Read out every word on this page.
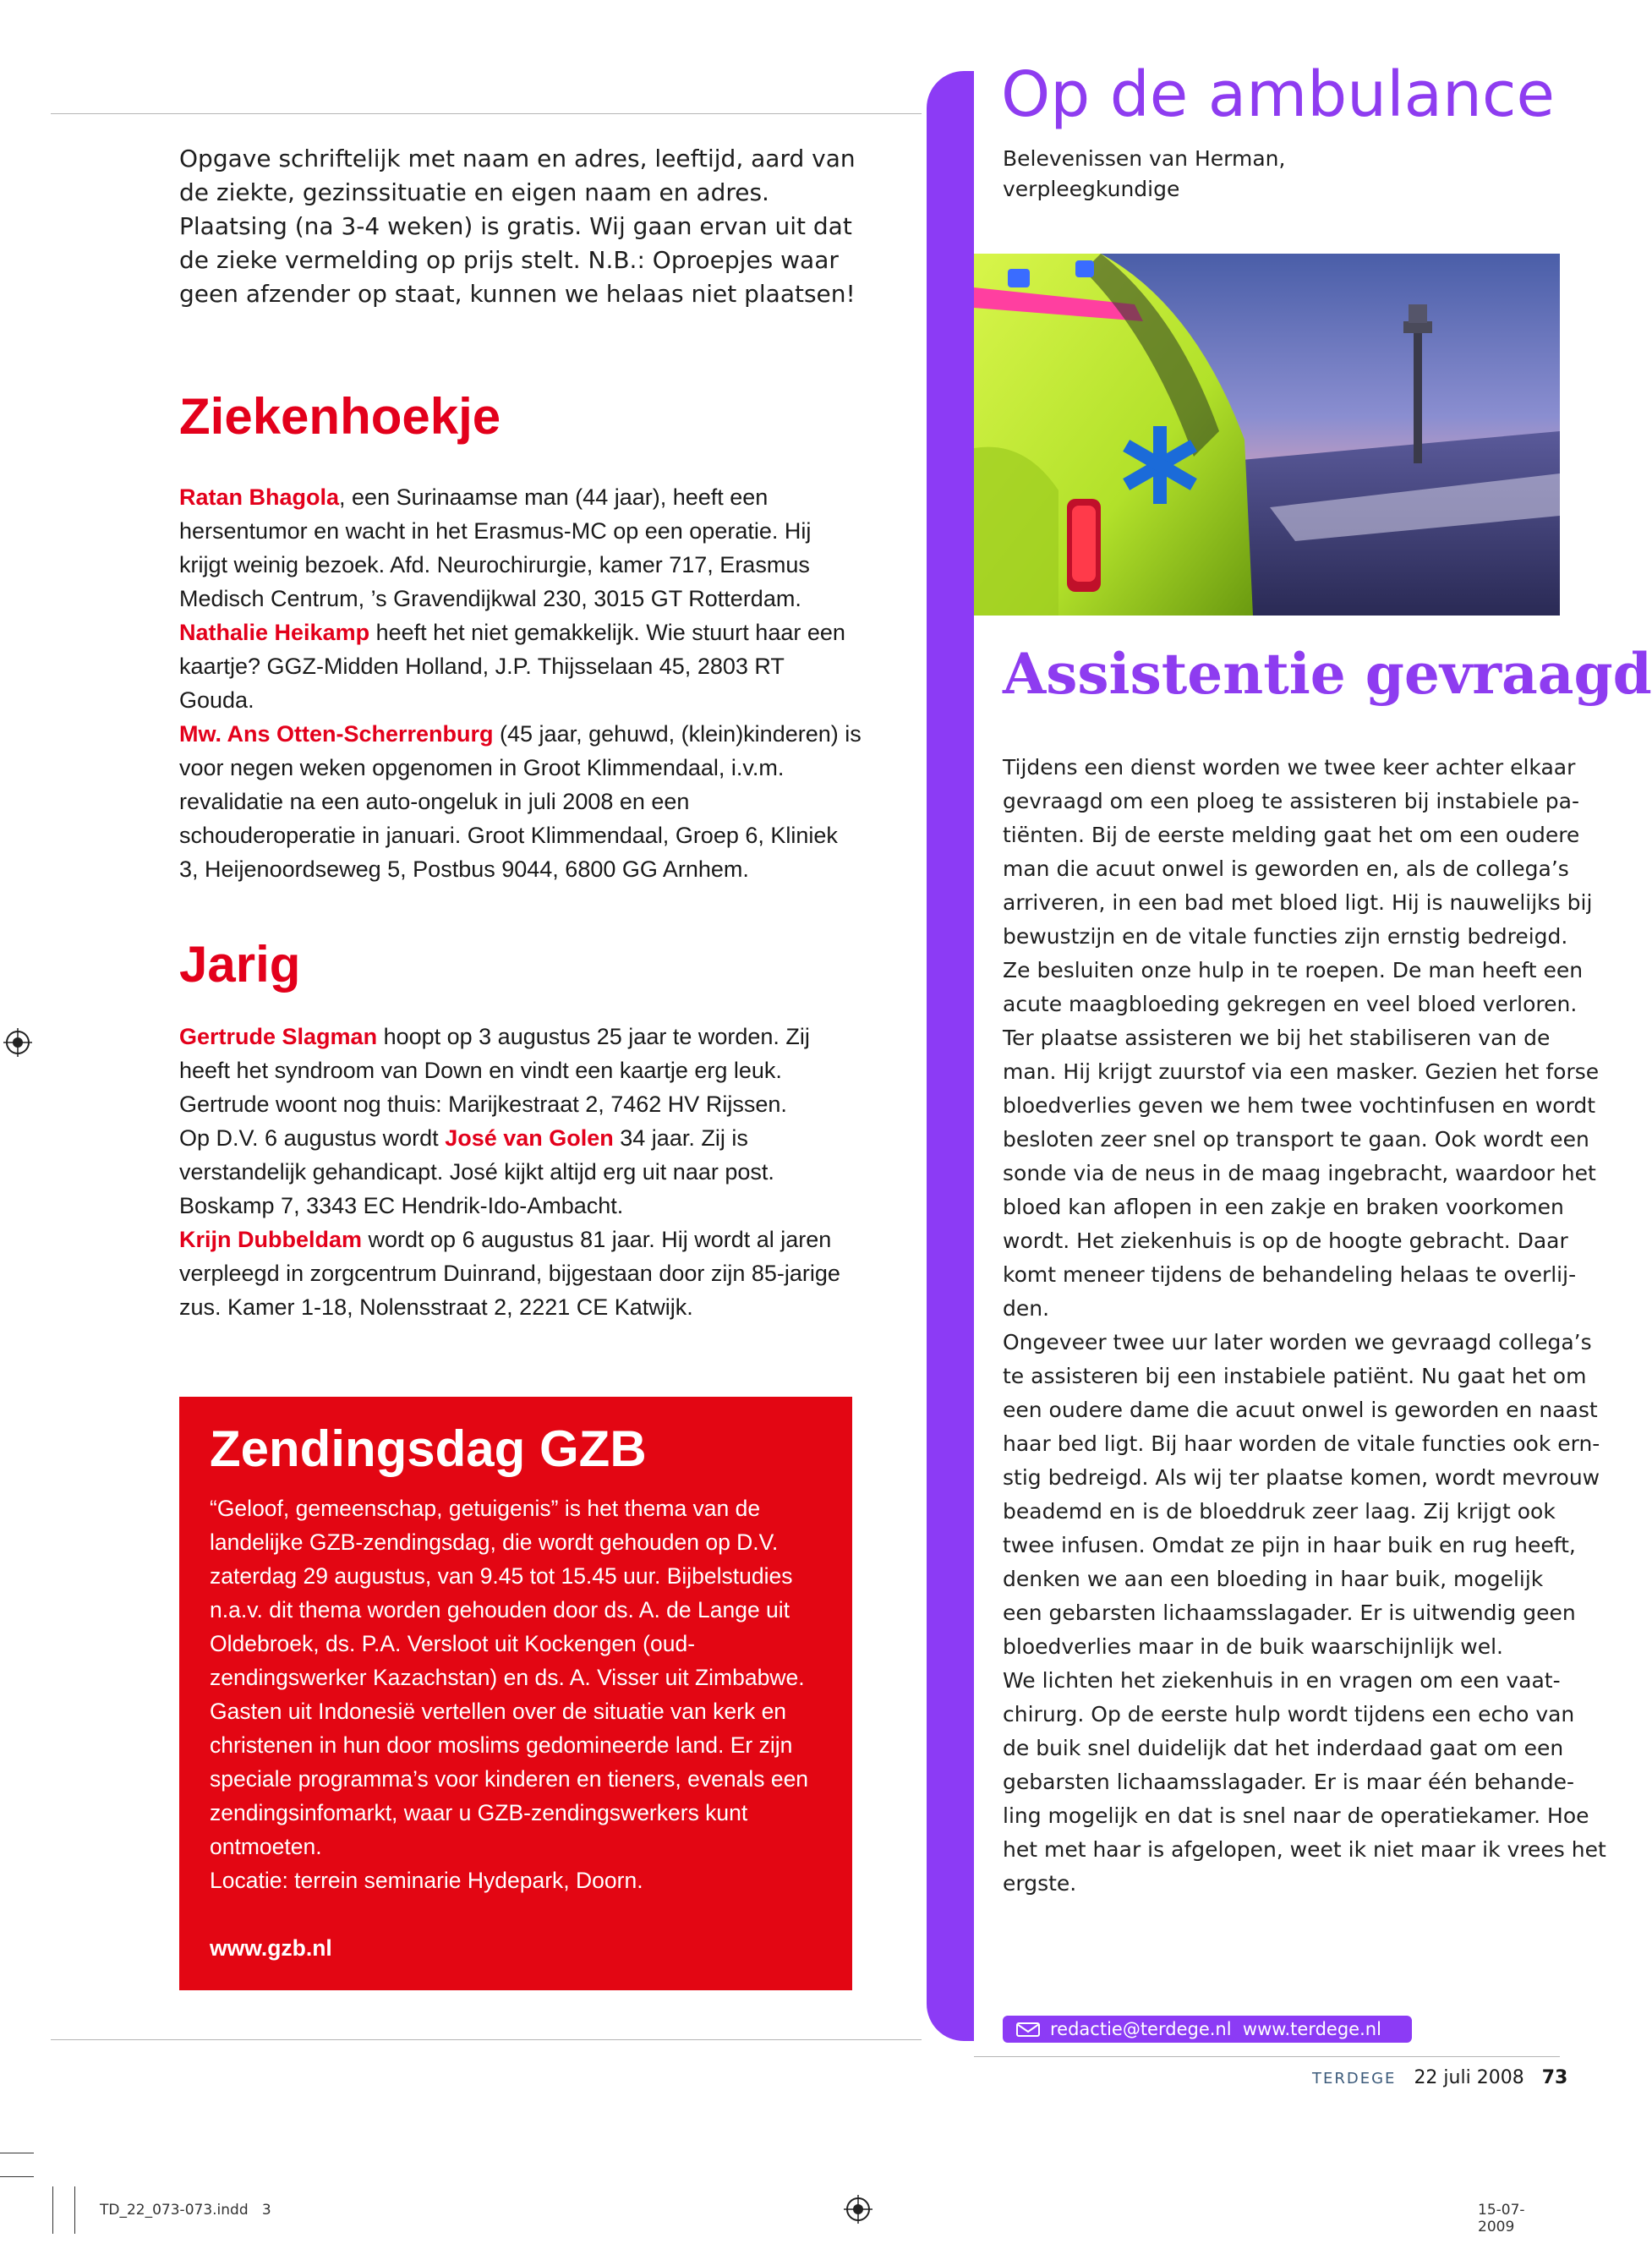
Opgave schriftelijk met naam en adres, leeftijd, aard van de ziekte, gezinssituatie en eigen naam en adres. Plaatsing (na 3-4 weken) is gratis. Wij gaan ervan uit dat de zieke vermelding op prijs stelt. N.B.: Oproepjes waar geen afzender op staat, kunnen we helaas niet plaatsen!
Ziekenhoekje

Ratan Bhagola, een Surinaamse man (44 jaar), heeft een hersentumor en wacht in het Erasmus-MC op een operatie. Hij krijgt weinig bezoek. Afd. Neurochirurgie, kamer 717, Erasmus Medisch Centrum, ’s Gravendijkwal 230, 3015 GT Rotterdam.

Nathalie Heikamp heeft het niet gemakkelijk. Wie stuurt haar een kaartje? GGZ-Midden Holland, J.P. Thijsselaan 45, 2803 RT Gouda.

Mw. Ans Otten-Scherrenburg (45 jaar, gehuwd, (klein)kinderen) is voor negen weken opgenomen in Groot Klimmendaal, i.v.m. revalidatie na een auto-ongeluk in juli 2008 en een schouderoperatie in januari. Groot Klimmendaal, Groep 6, Kliniek 3, Heijenoordseweg 5, Postbus 9044, 6800 GG Arnhem.

Jarig

Gertrude Slagman hoopt op 3 augustus 25 jaar te worden. Zij heeft het syndroom van Down en vindt een kaartje erg leuk. Gertrude woont nog thuis: Marijkestraat 2, 7462 HV Rijssen.

Op D.V. 6 augustus wordt José van Golen 34 jaar. Zij is verstandelijk gehandicapt. José kijkt altijd erg uit naar post. Boskamp 7, 3343 EC Hendrik-Ido-Ambacht.

Krijn Dubbeldam wordt op 6 augustus 81 jaar. Hij wordt al jaren verpleegd in zorgcentrum Duinrand, bijgestaan door zijn 85-jarige zus. Kamer 1-18, Nolensstraat 2, 2221 CE Katwijk.

Zendingsdag GZB

“Geloof, gemeenschap, getuigenis” is het thema van de landelijke GZB-zendingsdag, die wordt gehouden op D.V. zaterdag 29 augustus, van 9.45 tot 15.45 uur. Bijbelstudies n.a.v. dit thema worden gehouden door ds. A. de Lange uit Oldebroek, ds. P.A. Versloot uit Kockengen (oud-zendingswerker Kazachstan) en ds. A. Visser uit Zimbabwe. Gasten uit Indonesië vertellen over de situatie van kerk en christenen in hun door moslims gedomineerde land. Er zijn speciale programma’s voor kinderen en tieners, evenals een zendingsinfomarkt, waar u GZB-zendingswerkers kunt ontmoeten.

Locatie: terrein seminarie Hydepark, Doorn.

www.gzb.nl

Op de ambulance
Belevenissen van Herman, verpleegkundige
Assistentie gevraagd

Tijdens een dienst worden we twee keer achter elkaar

gevraagd om een ploeg te assisteren bij instabiele pa-

tiënten. Bij de eerste melding gaat het om een oudere

man die acuut onwel is geworden en, als de collega’s

arriveren, in een bad met bloed ligt. Hij is nauwelijks bij

bewustzijn en de vitale functies zijn ernstig bedreigd.

Ze besluiten onze hulp in te roepen. De man heeft een

acute maagbloeding gekregen en veel bloed verloren.

Ter plaatse assisteren we bij het stabiliseren van de

man. Hij krijgt zuurstof via een masker. Gezien het forse

bloedverlies geven we hem twee vochtinfusen en wordt

besloten zeer snel op transport te gaan. Ook wordt een

sonde via de neus in de maag ingebracht, waardoor het

bloed kan aflopen in een zakje en braken voorkomen

wordt. Het ziekenhuis is op de hoogte gebracht. Daar

komt meneer tijdens de behandeling helaas te overlij-

den.

Ongeveer twee uur later worden we gevraagd collega’s

te assisteren bij een instabiele patiënt. Nu gaat het om

een oudere dame die acuut onwel is geworden en naast

haar bed ligt. Bij haar worden de vitale functies ook ern-

stig bedreigd. Als wij ter plaatse komen, wordt mevrouw

beademd en is de bloeddruk zeer laag. Zij krijgt ook

twee infusen. Omdat ze pijn in haar buik en rug heeft,

denken we aan een bloeding in haar buik, mogelijk

een gebarsten lichaamsslagader. Er is uitwendig geen

bloedverlies maar in de buik waarschijnlijk wel.

We lichten het ziekenhuis in en vragen om een vaat-

chirurg. Op de eerste hulp wordt tijdens een echo van

de buik snel duidelijk dat het inderdaad gaat om een

gebarsten lichaamsslagader. Er is maar één behande-

ling mogelijk en dat is snel naar de operatiekamer. Hoe

het met haar is afgelopen, weet ik niet maar ik vrees het

ergste.

redactie@terdege.nl  www.terdege.nl
TERDEGE 22 juli 2008 73
TD_22_073-073.indd   3	15-07-2009
